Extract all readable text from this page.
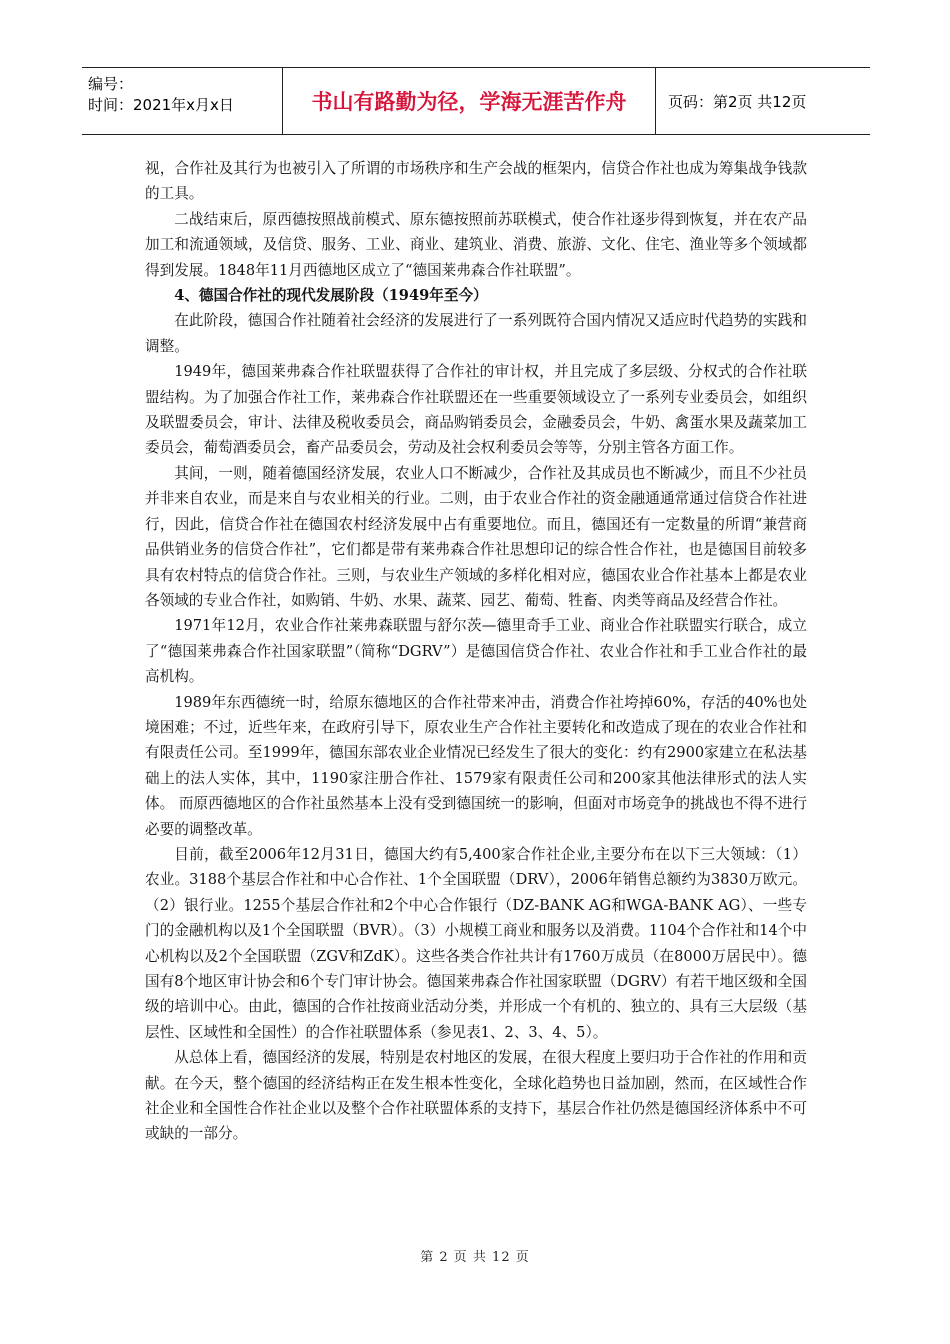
编号：
时间：2021年x月x日	书山有路勤为径，学海无涯苦作舟	页码：第2页 共12页

视，合作社及其行为也被引入了所谓的市场秩序和生产会战的框架内，信贷合作社也成为筹集战争钱款的工具。

二战结束后，原西德按照战前模式、原东德按照前苏联模式，使合作社逐步得到恢复，并在农产品加工和流通领域，及信贷、服务、工业、商业、建筑业、消费、旅游、文化、住宅、渔业等多个领域都得到发展。1848年11月西德地区成立了“德国莱弗森合作社联盟”。

4、德国合作社的现代发展阶段（1949年至今）

在此阶段，德国合作社随着社会经济的发展进行了一系列既符合国内情况又适应时代趋势的实践和调整。

1949年，德国莱弗森合作社联盟获得了合作社的审计权，并且完成了多层级、分权式的合作社联盟结构。为了加强合作社工作，莱弗森合作社联盟还在一些重要领域设立了一系列专业委员会，如组织及联盟委员会，审计、法律及税收委员会，商品购销委员会，金融委员会，牛奶、禽蛋水果及蔬菜加工委员会，葡萄酒委员会，畜产品委员会，劳动及社会权利委员会等等，分别主管各方面工作。

其间，一则，随着德国经济发展，农业人口不断减少，合作社及其成员也不断减少，而且不少社员并非来自农业，而是来自与农业相关的行业。二则，由于农业合作社的资金融通通常通过信贷合作社进行，因此，信贷合作社在德国农村经济发展中占有重要地位。而且，德国还有一定数量的所谓“兼营商品供销业务的信贷合作社”，它们都是带有莱弗森合作社思想印记的综合性合作社，也是德国目前较多具有农村特点的信贷合作社。三则，与农业生产领域的多样化相对应，德国农业合作社基本上都是农业各领域的专业合作社，如购销、牛奶、水果、蔬菜、园艺、葡萄、牲畜、肉类等商品及经营合作社。

1971年12月，农业合作社莱弗森联盟与舒尔茨—德里奇手工业、商业合作社联盟实行联合，成立了“德国莱弗森合作社国家联盟”（简称“DGRV”）是德国信贷合作社、农业合作社和手工业合作社的最高机构。

1989年东西德统一时，给原东德地区的合作社带来冲击，消费合作社垮掉60%，存活的40%也处境困难；不过，近些年来，在政府引导下，原农业生产合作社主要转化和改造成了现在的农业合作社和有限责任公司。至1999年，德国东部农业企业情况已经发生了很大的变化：约有2900家建立在私法基础上的法人实体，其中，1190家注册合作社、1579家有限责任公司和200家其他法律形式的法人实体。 而原西德地区的合作社虽然基本上没有受到德国统一的影响，但面对市场竞争的挑战也不得不进行必要的调整改革。

目前，截至2006年12月31日，德国大约有5,400家合作社企业,主要分布在以下三大领域：（1）农业。3188个基层合作社和中心合作社、1个全国联盟（DRV），2006年销售总额约为3830万欧元。（2）银行业。1255个基层合作社和2个中心合作银行（DZ-BANK AG和WGA-BANK AG）、一些专门的金融机构以及1个全国联盟（BVR）。（3）小规模工商业和服务以及消费。1104个合作社和14个中心机构以及2个全国联盟（ZGV和ZdK）。这些各类合作社共计有1760万成员（在8000万居民中）。德国有8个地区审计协会和6个专门审计协会。德国莱弗森合作社国家联盟（DGRV）有若干地区级和全国级的培训中心。由此，德国的合作社按商业活动分类，并形成一个有机的、独立的、具有三大层级（基层性、区域性和全国性）的合作社联盟体系（参见表1、2、3、4、5）。

从总体上看，德国经济的发展，特别是农村地区的发展，在很大程度上要归功于合作社的作用和贡献。在今天，整个德国的经济结构正在发生根本性变化，全球化趋势也日益加剧，然而，在区域性合作社企业和全国性合作社企业以及整个合作社联盟体系的支持下，基层合作社仍然是德国经济体系中不可或缺的一部分。

第 2 页 共 12 页
